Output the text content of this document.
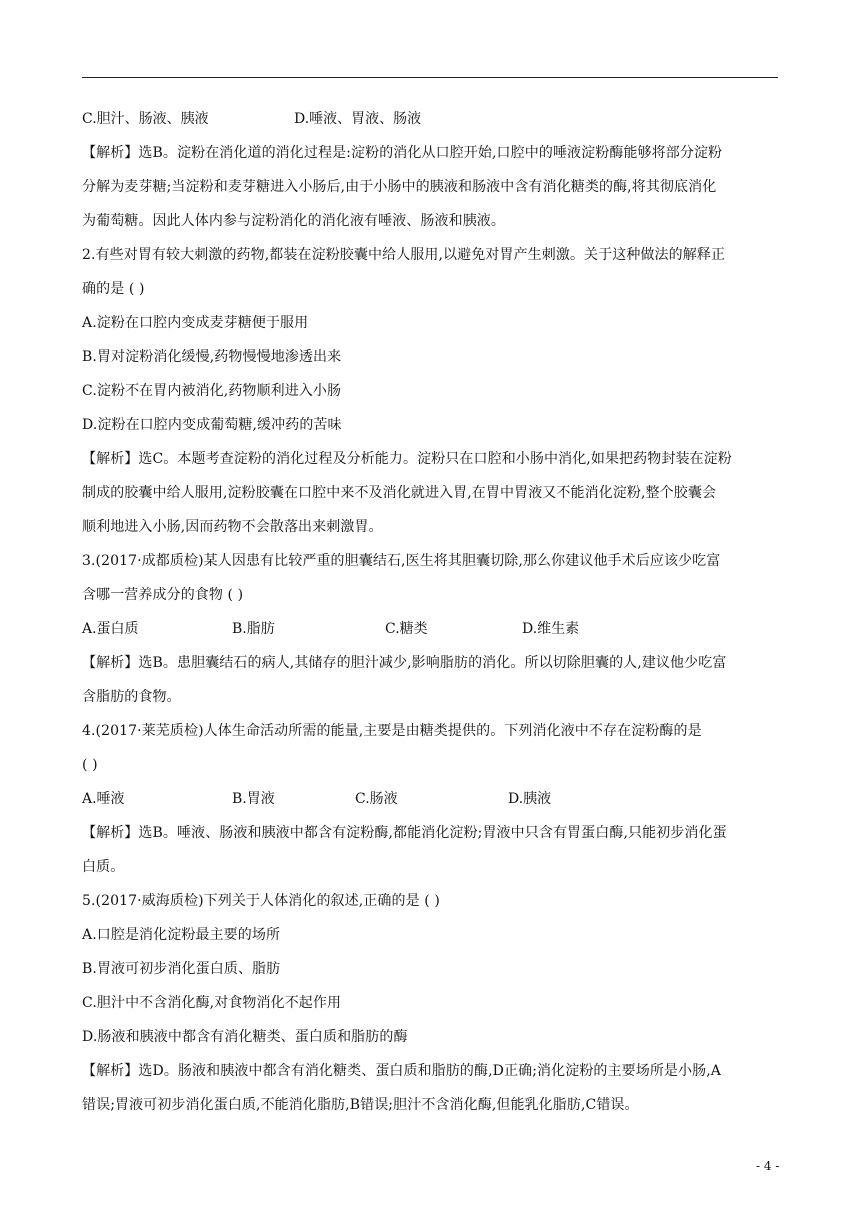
C.胆汁、肠液、胰液	D.唾液、胃液、肠液
【解析】选B。淀粉在消化道的消化过程是:淀粉的消化从口腔开始,口腔中的唾液淀粉酶能够将部分淀粉
分解为麦芽糖;当淀粉和麦芽糖进入小肠后,由于小肠中的胰液和肠液中含有消化糖类的酶,将其彻底消化
为葡萄糖。因此人体内参与淀粉消化的消化液有唾液、肠液和胰液。
2.有些对胃有较大刺激的药物,都装在淀粉胶囊中给人服用,以避免对胃产生刺激。关于这种做法的解释正
确的是 ( )
A.淀粉在口腔内变成麦芽糖便于服用
B.胃对淀粉消化缓慢,药物慢慢地渗透出来
C.淀粉不在胃内被消化,药物顺利进入小肠
D.淀粉在口腔内变成葡萄糖,缓冲药的苦味
【解析】选C。本题考查淀粉的消化过程及分析能力。淀粉只在口腔和小肠中消化,如果把药物封装在淀粉
制成的胶囊中给人服用,淀粉胶囊在口腔中来不及消化就进入胃,在胃中胃液又不能消化淀粉,整个胶囊会
顺利地进入小肠,因而药物不会散落出来刺激胃。
3.(2017·成都质检)某人因患有比较严重的胆囊结石,医生将其胆囊切除,那么你建议他手术后应该少吃富
含哪一营养成分的食物 ( )
A.蛋白质	B.脂肪	C.糖类	D.维生素
【解析】选B。患胆囊结石的病人,其储存的胆汁减少,影响脂肪的消化。所以切除胆囊的人,建议他少吃富
含脂肪的食物。
4.(2017·莱芜质检)人体生命活动所需的能量,主要是由糖类提供的。下列消化液中不存在淀粉酶的是
( )
A.唾液	B.胃液	C.肠液	D.胰液
【解析】选B。唾液、肠液和胰液中都含有淀粉酶,都能消化淀粉;胃液中只含有胃蛋白酶,只能初步消化蛋
白质。
5.(2017·威海质检)下列关于人体消化的叙述,正确的是 ( )
A.口腔是消化淀粉最主要的场所
B.胃液可初步消化蛋白质、脂肪
C.胆汁中不含消化酶,对食物消化不起作用
D.肠液和胰液中都含有消化糖类、蛋白质和脂肪的酶
【解析】选D。肠液和胰液中都含有消化糖类、蛋白质和脂肪的酶,D正确;消化淀粉的主要场所是小肠,A
错误;胃液可初步消化蛋白质,不能消化脂肪,B错误;胆汁不含消化酶,但能乳化脂肪,C错误。
- 4 -
